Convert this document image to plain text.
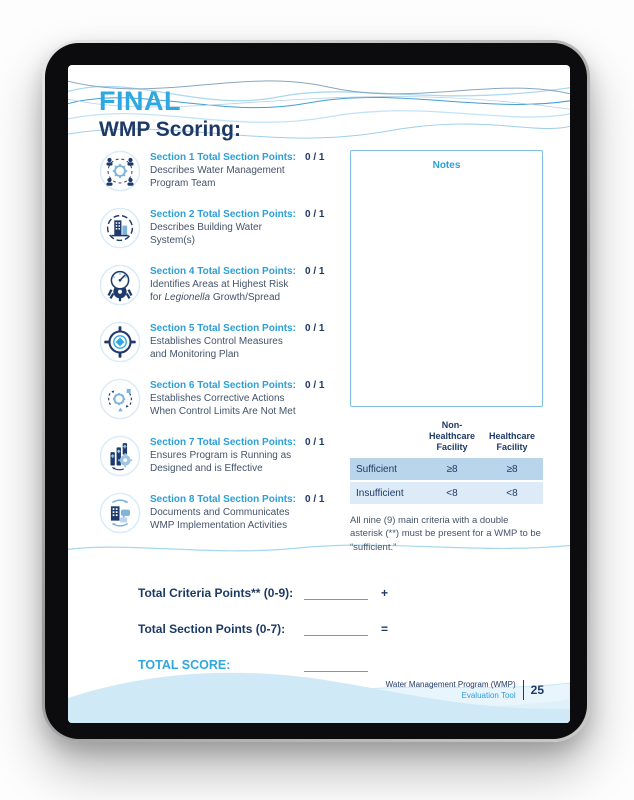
FINAL
WMP Scoring:
Section 1 Total Section Points:
Describes Water Management Program Team
0 / 1
Section 2 Total Section Points:
Describes Building Water System(s)
0 / 1
Section 4 Total Section Points:
Identifies Areas at Highest Risk for Legionella Growth/Spread
0 / 1
Section 5 Total Section Points:
Establishes Control Measures and Monitoring Plan
0 / 1
Section 6 Total Section Points:
Establishes Corrective Actions When Control Limits Are Not Met
0 / 1
Section 7 Total Section Points:
Ensures Program is Running as Designed and is Effective
0 / 1
Section 8 Total Section Points:
Documents and Communicates WMP Implementation Activities
0 / 1
Notes
Non-Healthcare Facility
Healthcare Facility
Sufficient	≥8	≥8
Insufficient	<8	<8
All nine (9) main criteria with a double asterisk (**) must be present for a WMP to be “sufficient.”
Total Criteria Points** (0-9):	+
Total Section Points (0-7):	=
TOTAL SCORE:
Water Management Program (WMP)
Evaluation Tool 25
